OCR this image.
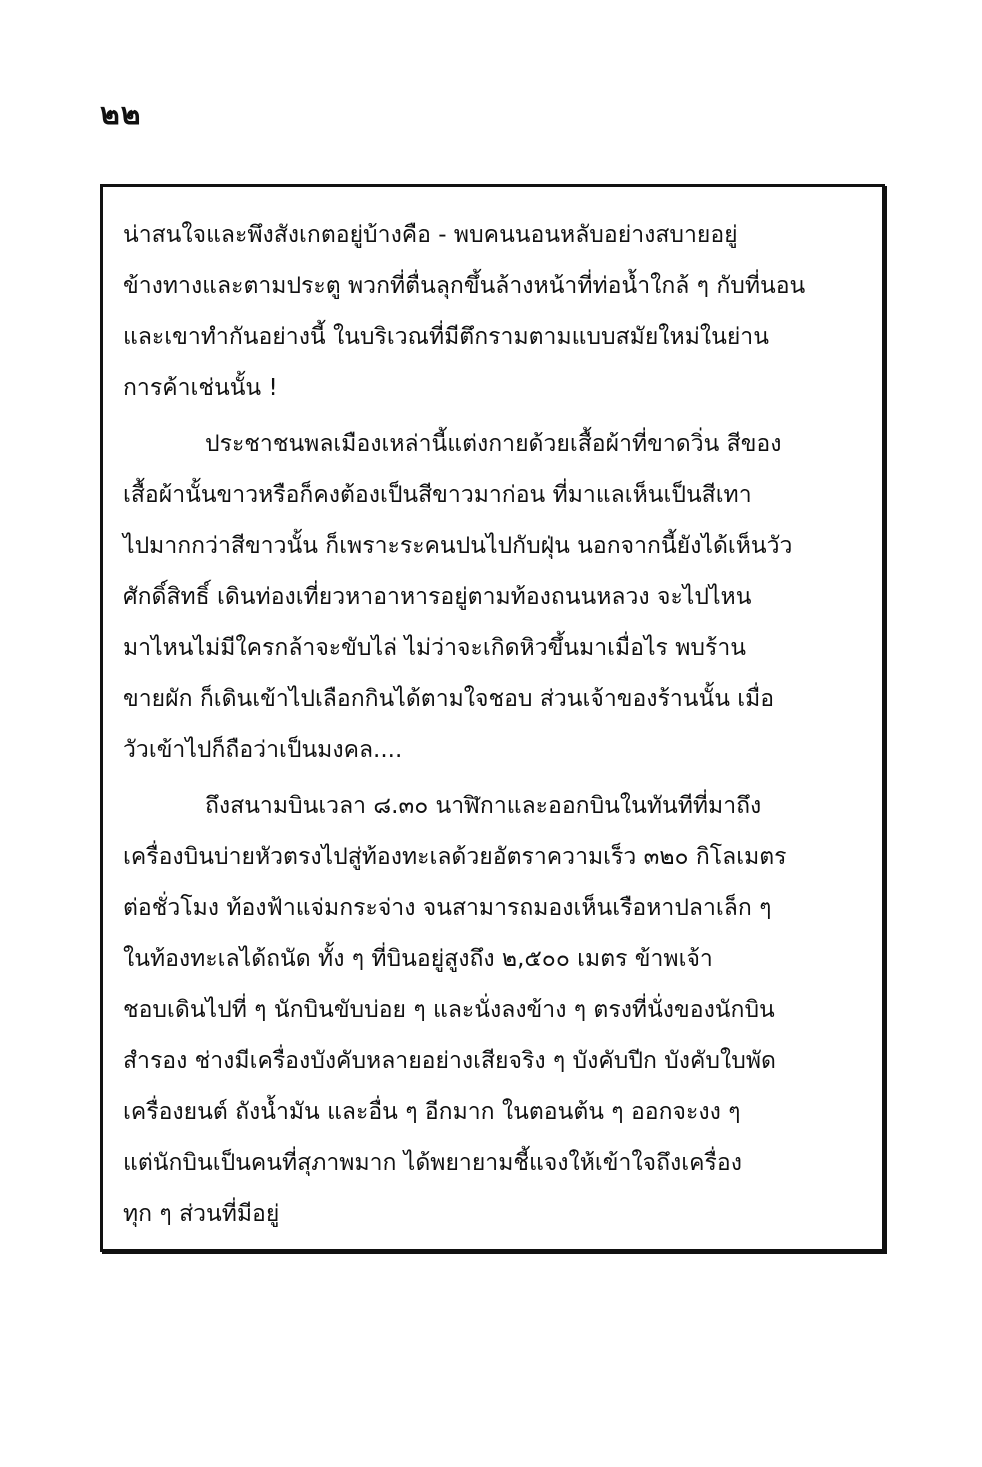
๒๒
น่าสนใจและพึงสังเกตอยู่บ้างคือ - พบคนนอนหลับอย่างสบายอยู่
ข้างทางและตามประตู พวกที่ตื่นลุกขึ้นล้างหน้าที่ท่อน้ำใกล้ ๆ กับที่นอน
และเขาทำกันอย่างนี้ ในบริเวณที่มีตึกรามตามแบบสมัยใหม่ในย่าน
การค้าเช่นนั้น !
ประชาชนพลเมืองเหล่านี้แต่งกายด้วยเสื้อผ้าที่ขาดวิ่น สีของ
เสื้อผ้านั้นขาวหรือก็คงต้องเป็นสีขาวมาก่อน ที่มาแลเห็นเป็นสีเทา
ไปมากกว่าสีขาวนั้น ก็เพราะระคนปนไปกับฝุ่น นอกจากนี้ยังได้เห็นวัว
ศักดิ์สิทธิ์ เดินท่องเที่ยวหาอาหารอยู่ตามท้องถนนหลวง จะไปไหน
มาไหนไม่มีใครกล้าจะขับไล่ ไม่ว่าจะเกิดหิวขึ้นมาเมื่อไร พบร้าน
ขายผัก ก็เดินเข้าไปเลือกกินได้ตามใจชอบ ส่วนเจ้าของร้านนั้น เมื่อ
วัวเข้าไปก็ถือว่าเป็นมงคล....
ถึงสนามบินเวลา ๘.๓๐ นาฬิกาและออกบินในทันทีที่มาถึง
เครื่องบินบ่ายหัวตรงไปสู่ท้องทะเลด้วยอัตราความเร็ว ๓๒๐ กิโลเมตร
ต่อชั่วโมง ท้องฟ้าแจ่มกระจ่าง จนสามารถมองเห็นเรือหาปลาเล็ก ๆ
ในท้องทะเลได้ถนัด ทั้ง ๆ ที่บินอยู่สูงถึง ๒,๕๐๐ เมตร ข้าพเจ้า
ชอบเดินไปที่ ๆ นักบินขับบ่อย ๆ และนั่งลงข้าง ๆ ตรงที่นั่งของนักบิน
สำรอง ช่างมีเครื่องบังคับหลายอย่างเสียจริง ๆ บังคับปีก บังคับใบพัด
เครื่องยนต์ ถังน้ำมัน และอื่น ๆ อีกมาก ในตอนต้น ๆ ออกจะงง ๆ
แต่นักบินเป็นคนที่สุภาพมาก ได้พยายามชี้แจงให้เข้าใจถึงเครื่อง
ทุก ๆ ส่วนที่มีอยู่
